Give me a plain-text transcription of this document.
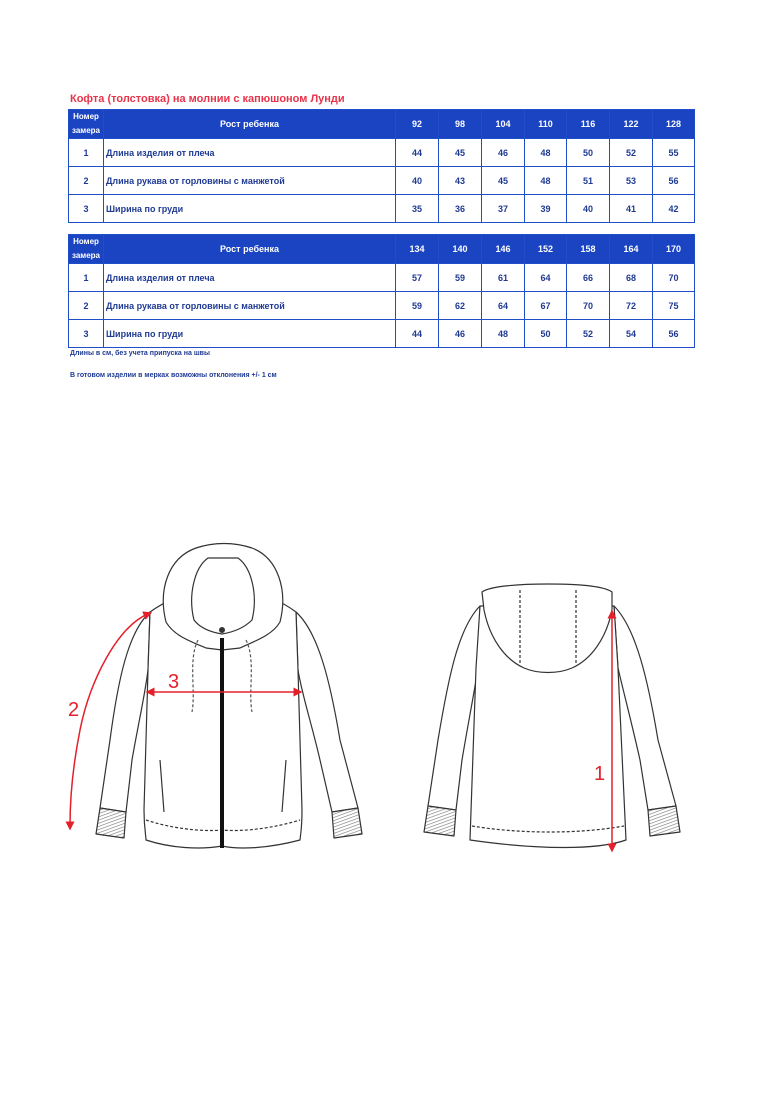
Кофта (толстовка) на молнии с капюшоном Лунди
Номер замера	Рост ребенка	92	98	104	110	116	122	128
1	Длина изделия от плеча	44	45	46	48	50	52	55
2	Длина рукава от горловины с манжетой	40	43	45	48	51	53	56
3	Ширина по груди	35	36	37	39	40	41	42
Номер замера	Рост ребенка	134	140	146	152	158	164	170
1	Длина изделия от плеча	57	59	61	64	66	68	70
2	Длина рукава от горловины с манжетой	59	62	64	67	70	72	75
3	Ширина по груди	44	46	48	50	52	54	56
Длины в см, без учета припуска на швы
В готовом изделии в мерках возможны отклонения +/- 1 см
2
3
1
